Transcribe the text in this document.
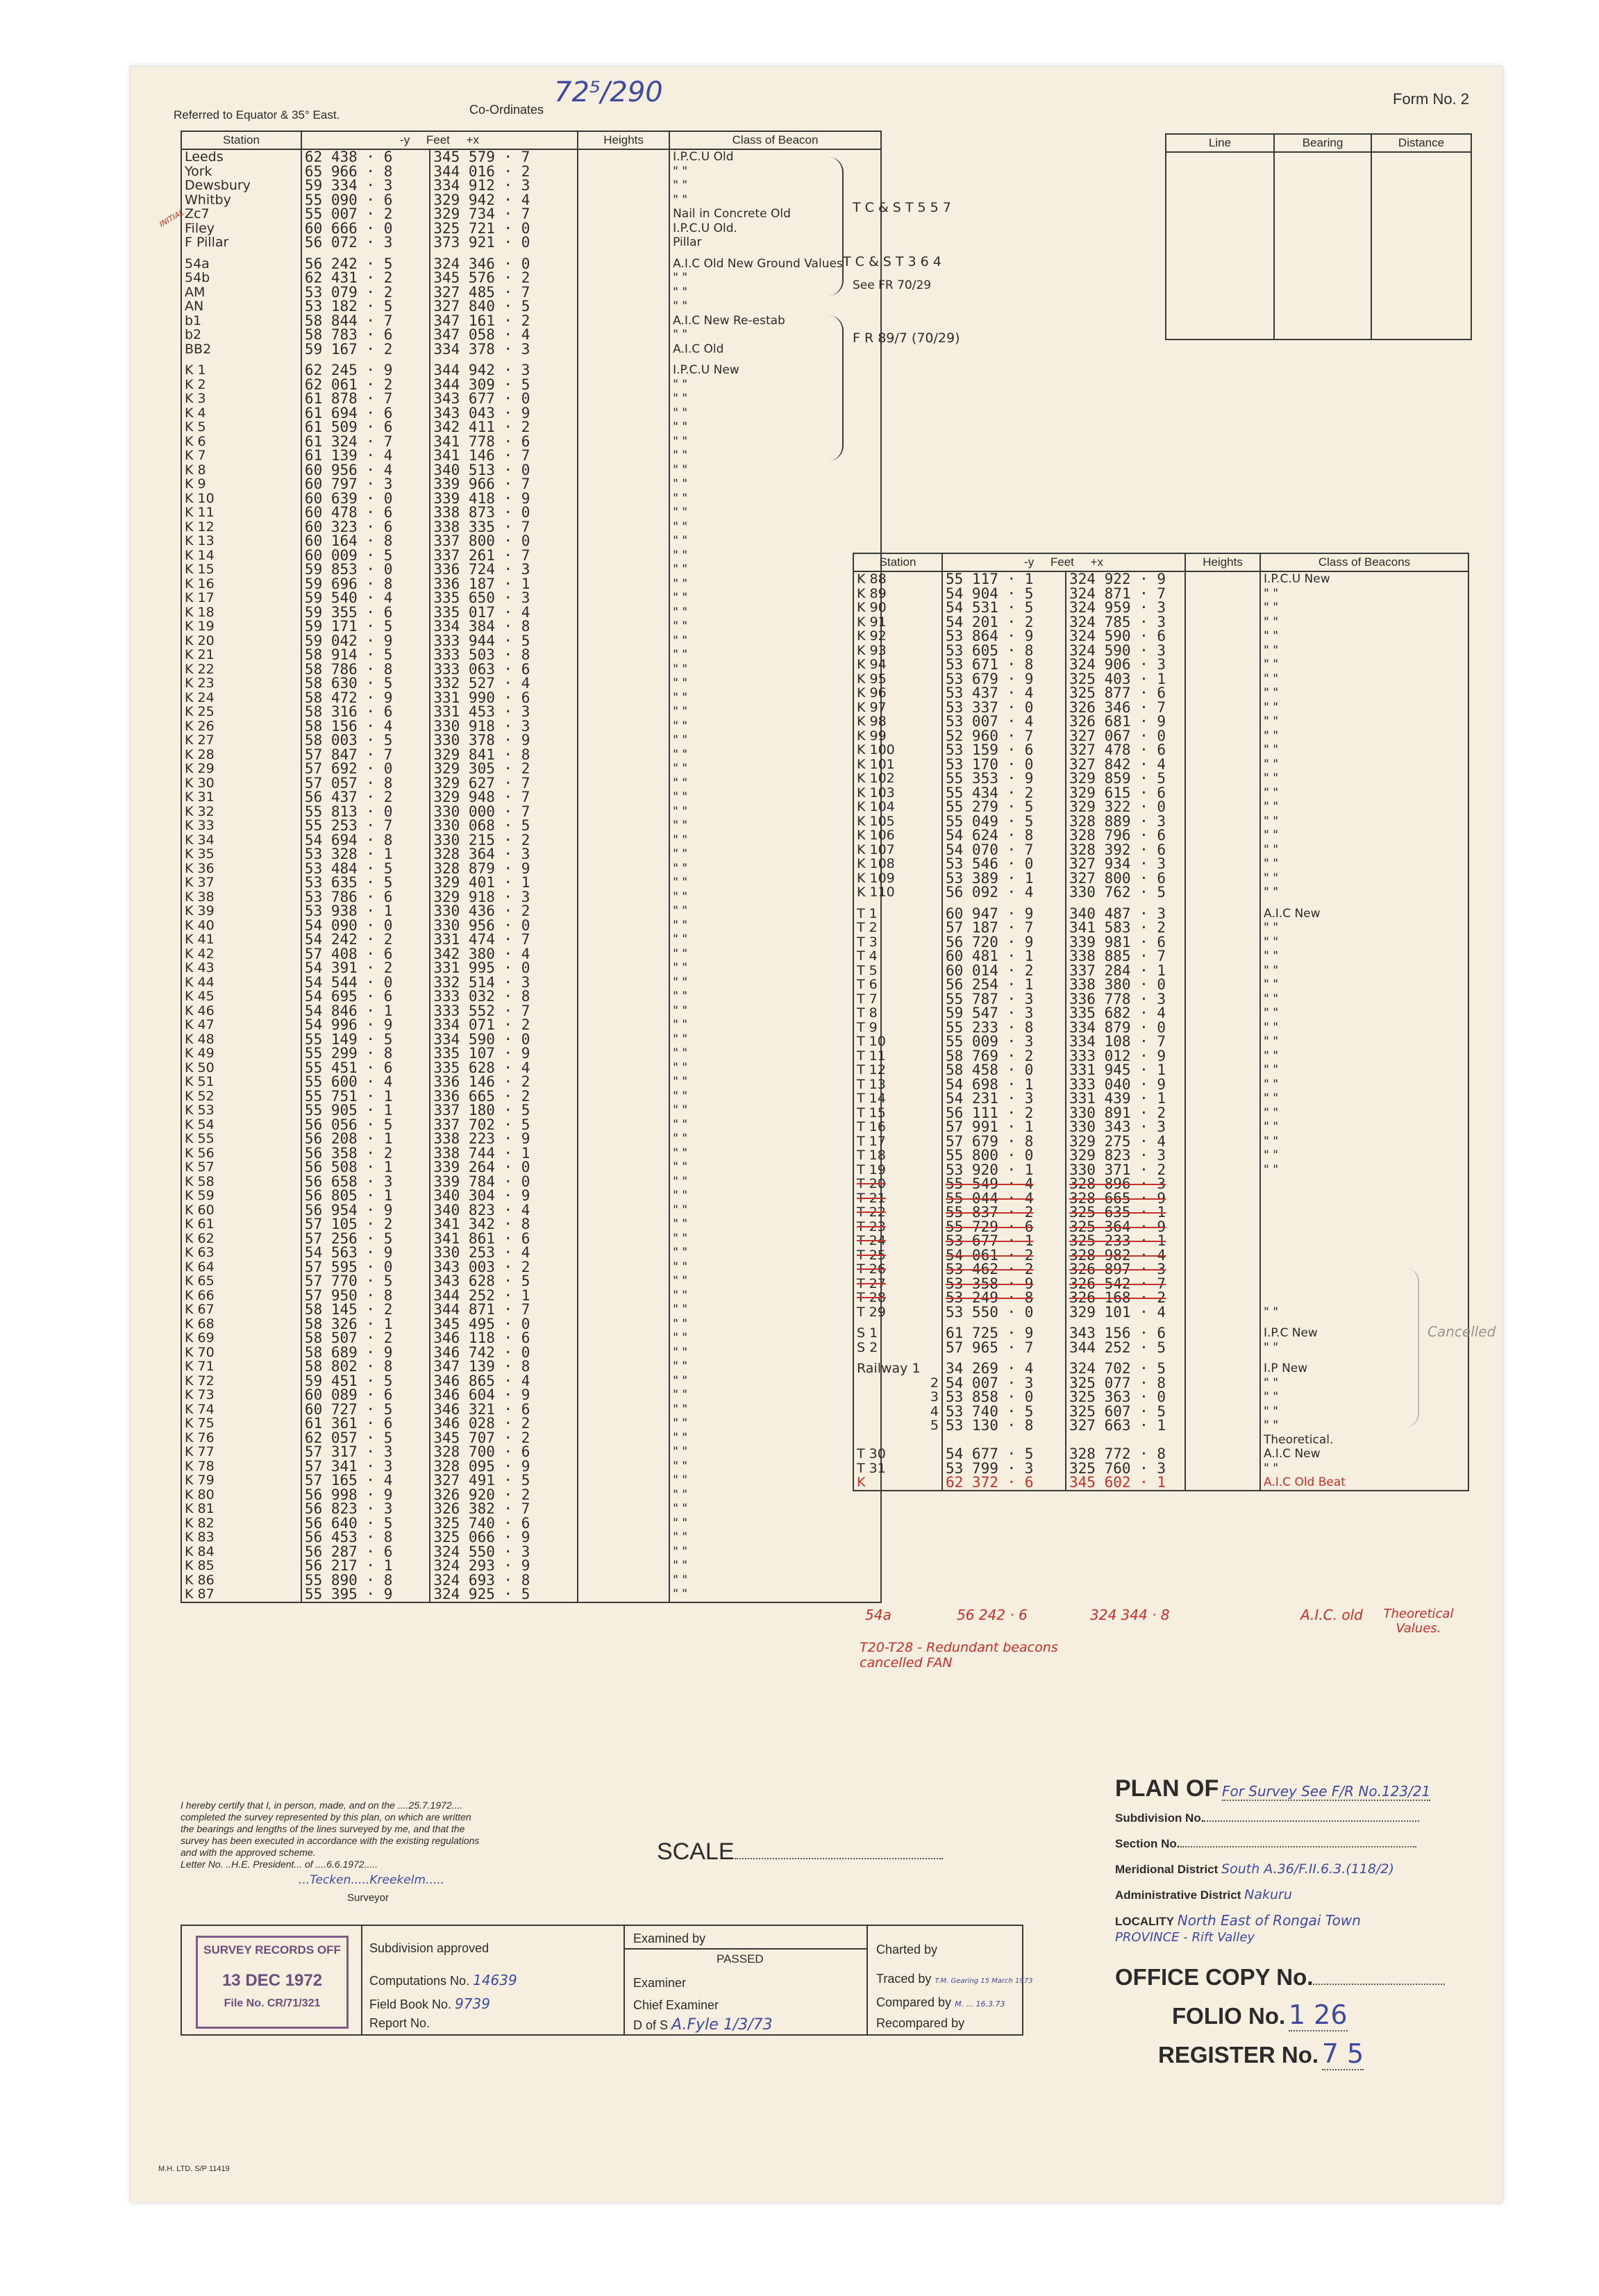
Referred to Equator & 35° East.	Co-Ordinates
72⁵/290	Form No. 2
Station	-y Feet +x		Heights	Class of Beacon
Leeds	62 438 · 6	345 579 · 7		I.P.C.U Old
York	65 966 · 8	344 016 · 2		" "
Dewsbury	59 334 · 3	334 912 · 3		" "
Whitby	55 090 · 6	329 942 · 4		" "
Zc7	55 007 · 2	329 734 · 7		Nail in Concrete Old
Filey	60 666 · 0	325 721 · 0		I.P.C.U Old.
F Pillar	56 072 · 3	373 921 · 0		Pillar

54a	56 242 · 5	324 346 · 0		A.I.C Old New Ground Values
54b	62 431 · 2	345 576 · 2		" "
AM	53 079 · 2	327 485 · 7		" "
AN	53 182 · 5	327 840 · 5		" "
b1	58 844 · 7	347 161 · 2		A.I.C New Re-estab
b2	58 783 · 6	347 058 · 4		" "
BB2	59 167 · 2	334 378 · 3		A.I.C Old

K 1	62 245 · 9	344 942 · 3		I.P.C.U New
K 2	62 061 · 2	344 309 · 5		" "
K 3	61 878 · 7	343 677 · 0		" "
K 4	61 694 · 6	343 043 · 9		" "
K 5	61 509 · 6	342 411 · 2		" "
K 6	61 324 · 7	341 778 · 6		" "
K 7	61 139 · 4	341 146 · 7		" "
K 8	60 956 · 4	340 513 · 0		" "
K 9	60 797 · 3	339 966 · 7		" "
K 10	60 639 · 0	339 418 · 9		" "
K 11	60 478 · 6	338 873 · 0		" "
K 12	60 323 · 6	338 335 · 7		" "
K 13	60 164 · 8	337 800 · 0		" "
K 14	60 009 · 5	337 261 · 7		" "
K 15	59 853 · 0	336 724 · 3		" "
K 16	59 696 · 8	336 187 · 1		" "
K 17	59 540 · 4	335 650 · 3		" "
K 18	59 355 · 6	335 017 · 4		" "
K 19	59 171 · 5	334 384 · 8		" "
K 20	59 042 · 9	333 944 · 5		" "
K 21	58 914 · 5	333 503 · 8		" "
K 22	58 786 · 8	333 063 · 6		" "
K 23	58 630 · 5	332 527 · 4		" "
K 24	58 472 · 9	331 990 · 6		" "
K 25	58 316 · 6	331 453 · 3		" "
K 26	58 156 · 4	330 918 · 3		" "
K 27	58 003 · 5	330 378 · 9		" "
K 28	57 847 · 7	329 841 · 8		" "
K 29	57 692 · 0	329 305 · 2		" "
K 30	57 057 · 8	329 627 · 7		" "
K 31	56 437 · 2	329 948 · 7		" "
K 32	55 813 · 0	330 000 · 7		" "
K 33	55 253 · 7	330 068 · 5		" "
K 34	54 694 · 8	330 215 · 2		" "
K 35	53 328 · 1	328 364 · 3		" "
K 36	53 484 · 5	328 879 · 9		" "
K 37	53 635 · 5	329 401 · 1		" "
K 38	53 786 · 6	329 918 · 3		" "
K 39	53 938 · 1	330 436 · 2		" "
K 40	54 090 · 0	330 956 · 0		" "
K 41	54 242 · 2	331 474 · 7		" "
K 42	57 408 · 6	342 380 · 4		" "
K 43	54 391 · 2	331 995 · 0		" "
K 44	54 544 · 0	332 514 · 3		" "
K 45	54 695 · 6	333 032 · 8		" "
K 46	54 846 · 1	333 552 · 7		" "
K 47	54 996 · 9	334 071 · 2		" "
K 48	55 149 · 5	334 590 · 0		" "
K 49	55 299 · 8	335 107 · 9		" "
K 50	55 451 · 6	335 628 · 4		" "
K 51	55 600 · 4	336 146 · 2		" "
K 52	55 751 · 1	336 665 · 2		" "
K 53	55 905 · 1	337 180 · 5		" "
K 54	56 056 · 5	337 702 · 5		" "
K 55	56 208 · 1	338 223 · 9		" "
K 56	56 358 · 2	338 744 · 1		" "
K 57	56 508 · 1	339 264 · 0		" "
K 58	56 658 · 3	339 784 · 0		" "
K 59	56 805 · 1	340 304 · 9		" "
K 60	56 954 · 9	340 823 · 4		" "
K 61	57 105 · 2	341 342 · 8		" "
K 62	57 256 · 5	341 861 · 6		" "
K 63	54 563 · 9	330 253 · 4		" "
K 64	57 595 · 0	343 003 · 2		" "
K 65	57 770 · 5	343 628 · 5		" "
K 66	57 950 · 8	344 252 · 1		" "
K 67	58 145 · 2	344 871 · 7		" "
K 68	58 326 · 1	345 495 · 0		" "
K 69	58 507 · 2	346 118 · 6		" "
K 70	58 689 · 9	346 742 · 0		" "
K 71	58 802 · 8	347 139 · 8		" "
K 72	59 451 · 5	346 865 · 4		" "
K 73	60 089 · 6	346 604 · 9		" "
K 74	60 727 · 5	346 321 · 6		" "
K 75	61 361 · 6	346 028 · 2		" "
K 76	62 057 · 5	345 707 · 2		" "
K 77	57 317 · 3	328 700 · 6		" "
K 78	57 341 · 3	328 095 · 9		" "
K 79	57 165 · 4	327 491 · 5		" "
K 80	56 998 · 9	326 920 · 2		" "
K 81	56 823 · 3	326 382 · 7		" "
K 82	56 640 · 5	325 740 · 6		" "
K 83	56 453 · 8	325 066 · 9		" "
K 84	56 287 · 6	324 550 · 3		" "
K 85	56 217 · 1	324 293 · 9		" "
K 86	55 890 · 8	324 693 · 8		" "
K 87	55 395 · 9	324 925 · 5		" "
T C & S T 5 5 7
T C & S T 3 6 4
See FR 70/29
F R 89/7 (70/29)
INITIAL
Line	Bearing	Distance

Station	-y Feet +x		Heights	Class of Beacons
K 88	55 117 · 1	324 922 · 9		I.P.C.U New
K 89	54 904 · 5	324 871 · 7		" "
K 90	54 531 · 5	324 959 · 3		" "
K 91	54 201 · 2	324 785 · 3		" "
K 92	53 864 · 9	324 590 · 6		" "
K 93	53 605 · 8	324 590 · 3		" "
K 94	53 671 · 8	324 906 · 3		" "
K 95	53 679 · 9	325 403 · 1		" "
K 96	53 437 · 4	325 877 · 6		" "
K 97	53 337 · 0	326 346 · 7		" "
K 98	53 007 · 4	326 681 · 9		" "
K 99	52 960 · 7	327 067 · 0		" "
K 100	53 159 · 6	327 478 · 6		" "
K 101	53 170 · 0	327 842 · 4		" "
K 102	55 353 · 9	329 859 · 5		" "
K 103	55 434 · 2	329 615 · 6		" "
K 104	55 279 · 5	329 322 · 0		" "
K 105	55 049 · 5	328 889 · 3		" "
K 106	54 624 · 8	328 796 · 6		" "
K 107	54 070 · 7	328 392 · 6		" "
K 108	53 546 · 0	327 934 · 3		" "
K 109	53 389 · 1	327 800 · 6		" "
K 110	56 092 · 4	330 762 · 5		" "

T 1	60 947 · 9	340 487 · 3		A.I.C New
T 2	57 187 · 7	341 583 · 2		" "
T 3	56 720 · 9	339 981 · 6		" "
T 4	60 481 · 1	338 885 · 7		" "
T 5	60 014 · 2	337 284 · 1		" "
T 6	56 254 · 1	338 380 · 0		" "
T 7	55 787 · 3	336 778 · 3		" "
T 8	59 547 · 3	335 682 · 4		" "
T 9	55 233 · 8	334 879 · 0		" "
T 10	55 009 · 3	334 108 · 7		" "
T 11	58 769 · 2	333 012 · 9		" "
T 12	58 458 · 0	331 945 · 1		" "
T 13	54 698 · 1	333 040 · 9		" "
T 14	54 231 · 3	331 439 · 1		" "
T 15	56 111 · 2	330 891 · 2		" "
T 16	57 991 · 1	330 343 · 3		" "
T 17	57 679 · 8	329 275 · 4		" "
T 18	55 800 · 0	329 823 · 3		" "
T 19	53 920 · 1	330 371 · 2		" "
T 20	55 549 · 4	328 896 · 3		
T 21	55 044 · 4	328 665 · 9		
T 22	55 837 · 2	325 635 · 1		
T 23	55 729 · 6	325 364 · 9		
T 24	53 677 · 1	325 233 · 1		
T 25	54 061 · 2	328 982 · 4		
T 26	53 462 · 2	326 897 · 3		
T 27	53 358 · 9	326 542 · 7		
T 28	53 249 · 8	326 168 · 2		
T 29	53 550 · 0	329 101 · 4		" "

S 1	61 725 · 9	343 156 · 6		I.P.C New
S 2	57 965 · 7	344 252 · 5		" "

Railway 1	34 269 · 4	324 702 · 5		I.P New
2	54 007 · 3	325 077 · 8		" "
3	53 858 · 0	325 363 · 0		" "
4	53 740 · 5	325 607 · 5		" "
5	53 130 · 8	327 663 · 1		" "
				Theoretical.
T 30	54 677 · 5	328 772 · 8		A.I.C New
T 31	53 799 · 3	325 760 · 3		" "
K	62 372 · 6	345 602 · 1		A.I.C Old Beat
54a	56 242 · 6	324 344 · 8	A.I.C. old	Theoretical Values.
T20-T28 - Redundant beacons cancelled FAN
Cancelled
I hereby certify that I, in person, made, and on the ....25.7.1972....
completed the survey represented by this plan, on which are written
the bearings and lengths of the lines surveyed by me, and that the
survey has been executed in accordance with the existing regulations
and with the approved scheme.
Letter No. ..H.E. President... of ....6.6.1972.....
...Tecken.....Kreekelm.....
Surveyor
SCALE
PLAN OF For Survey See F/R No.123/21
Subdivision No.
Section No.
Meridional District South A.36/F.II.6.3.(118/2)
Administrative District Nakuru
LOCALITY North East of Rongai Town
PROVINCE - Rift Valley
OFFICE COPY No.
FOLIO No. 1 26
REGISTER No. 7 5
SURVEY RECORDS OFF
13 DEC 1972
File No. CR/71/321
Subdivision approved
Computations No. 14639
Field Book No. 9739
Report No.
Examined by
PASSED
Examiner
Chief Examiner
D of S A.Fyle 1/3/73
Charted by
Traced by T.M. Gearing 15 March 1973
Compared by M. ... 16.3.73
Recompared by
M.H. LTD. S/P 11419
